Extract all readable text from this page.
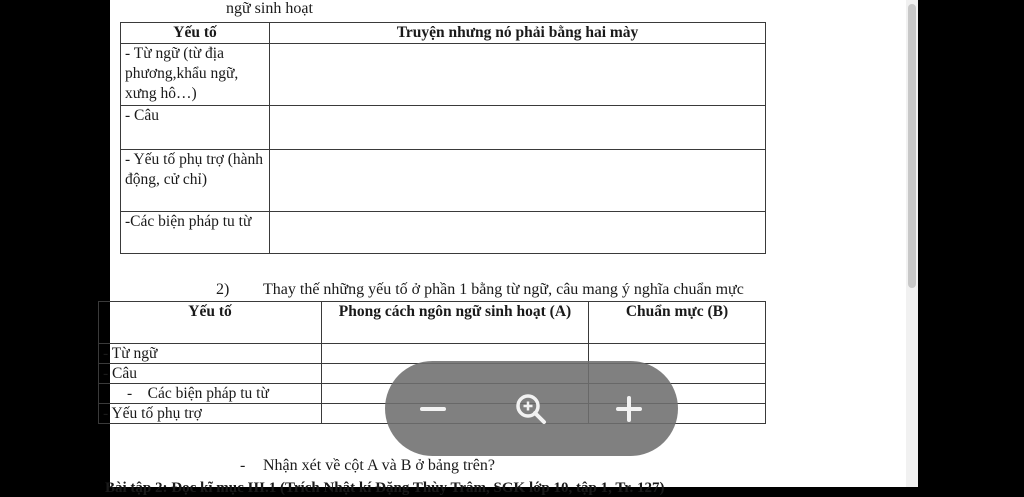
ngữ sinh hoạt
Yếu tố	Truyện nhưng nó phải bằng hai mày
- Từ ngữ (từ địa phương,khẩu ngữ, xưng hô…)	
- Câu	
- Yếu tố phụ trợ (hành động, cử chỉ)	
-Các biện pháp tu từ	
2) Thay thế những yếu tố ở phần 1 bằng từ ngữ, câu mang ý nghĩa chuẩn mực
Yếu tố	Phong cách ngôn ngữ sinh hoạt (A)	Chuẩn mực (B)
- Từ ngữ		
- Câu		
-    Các biện pháp tu từ		
- Yếu tố phụ trợ		
- Nhận xét về cột A và B ở bảng trên?
Bài tập 2: Đọc kĩ mục III.1 (Trích Nhật kí Đặng Thùy Trâm, SGK lớp 10, tập 1, Tr. 127)
